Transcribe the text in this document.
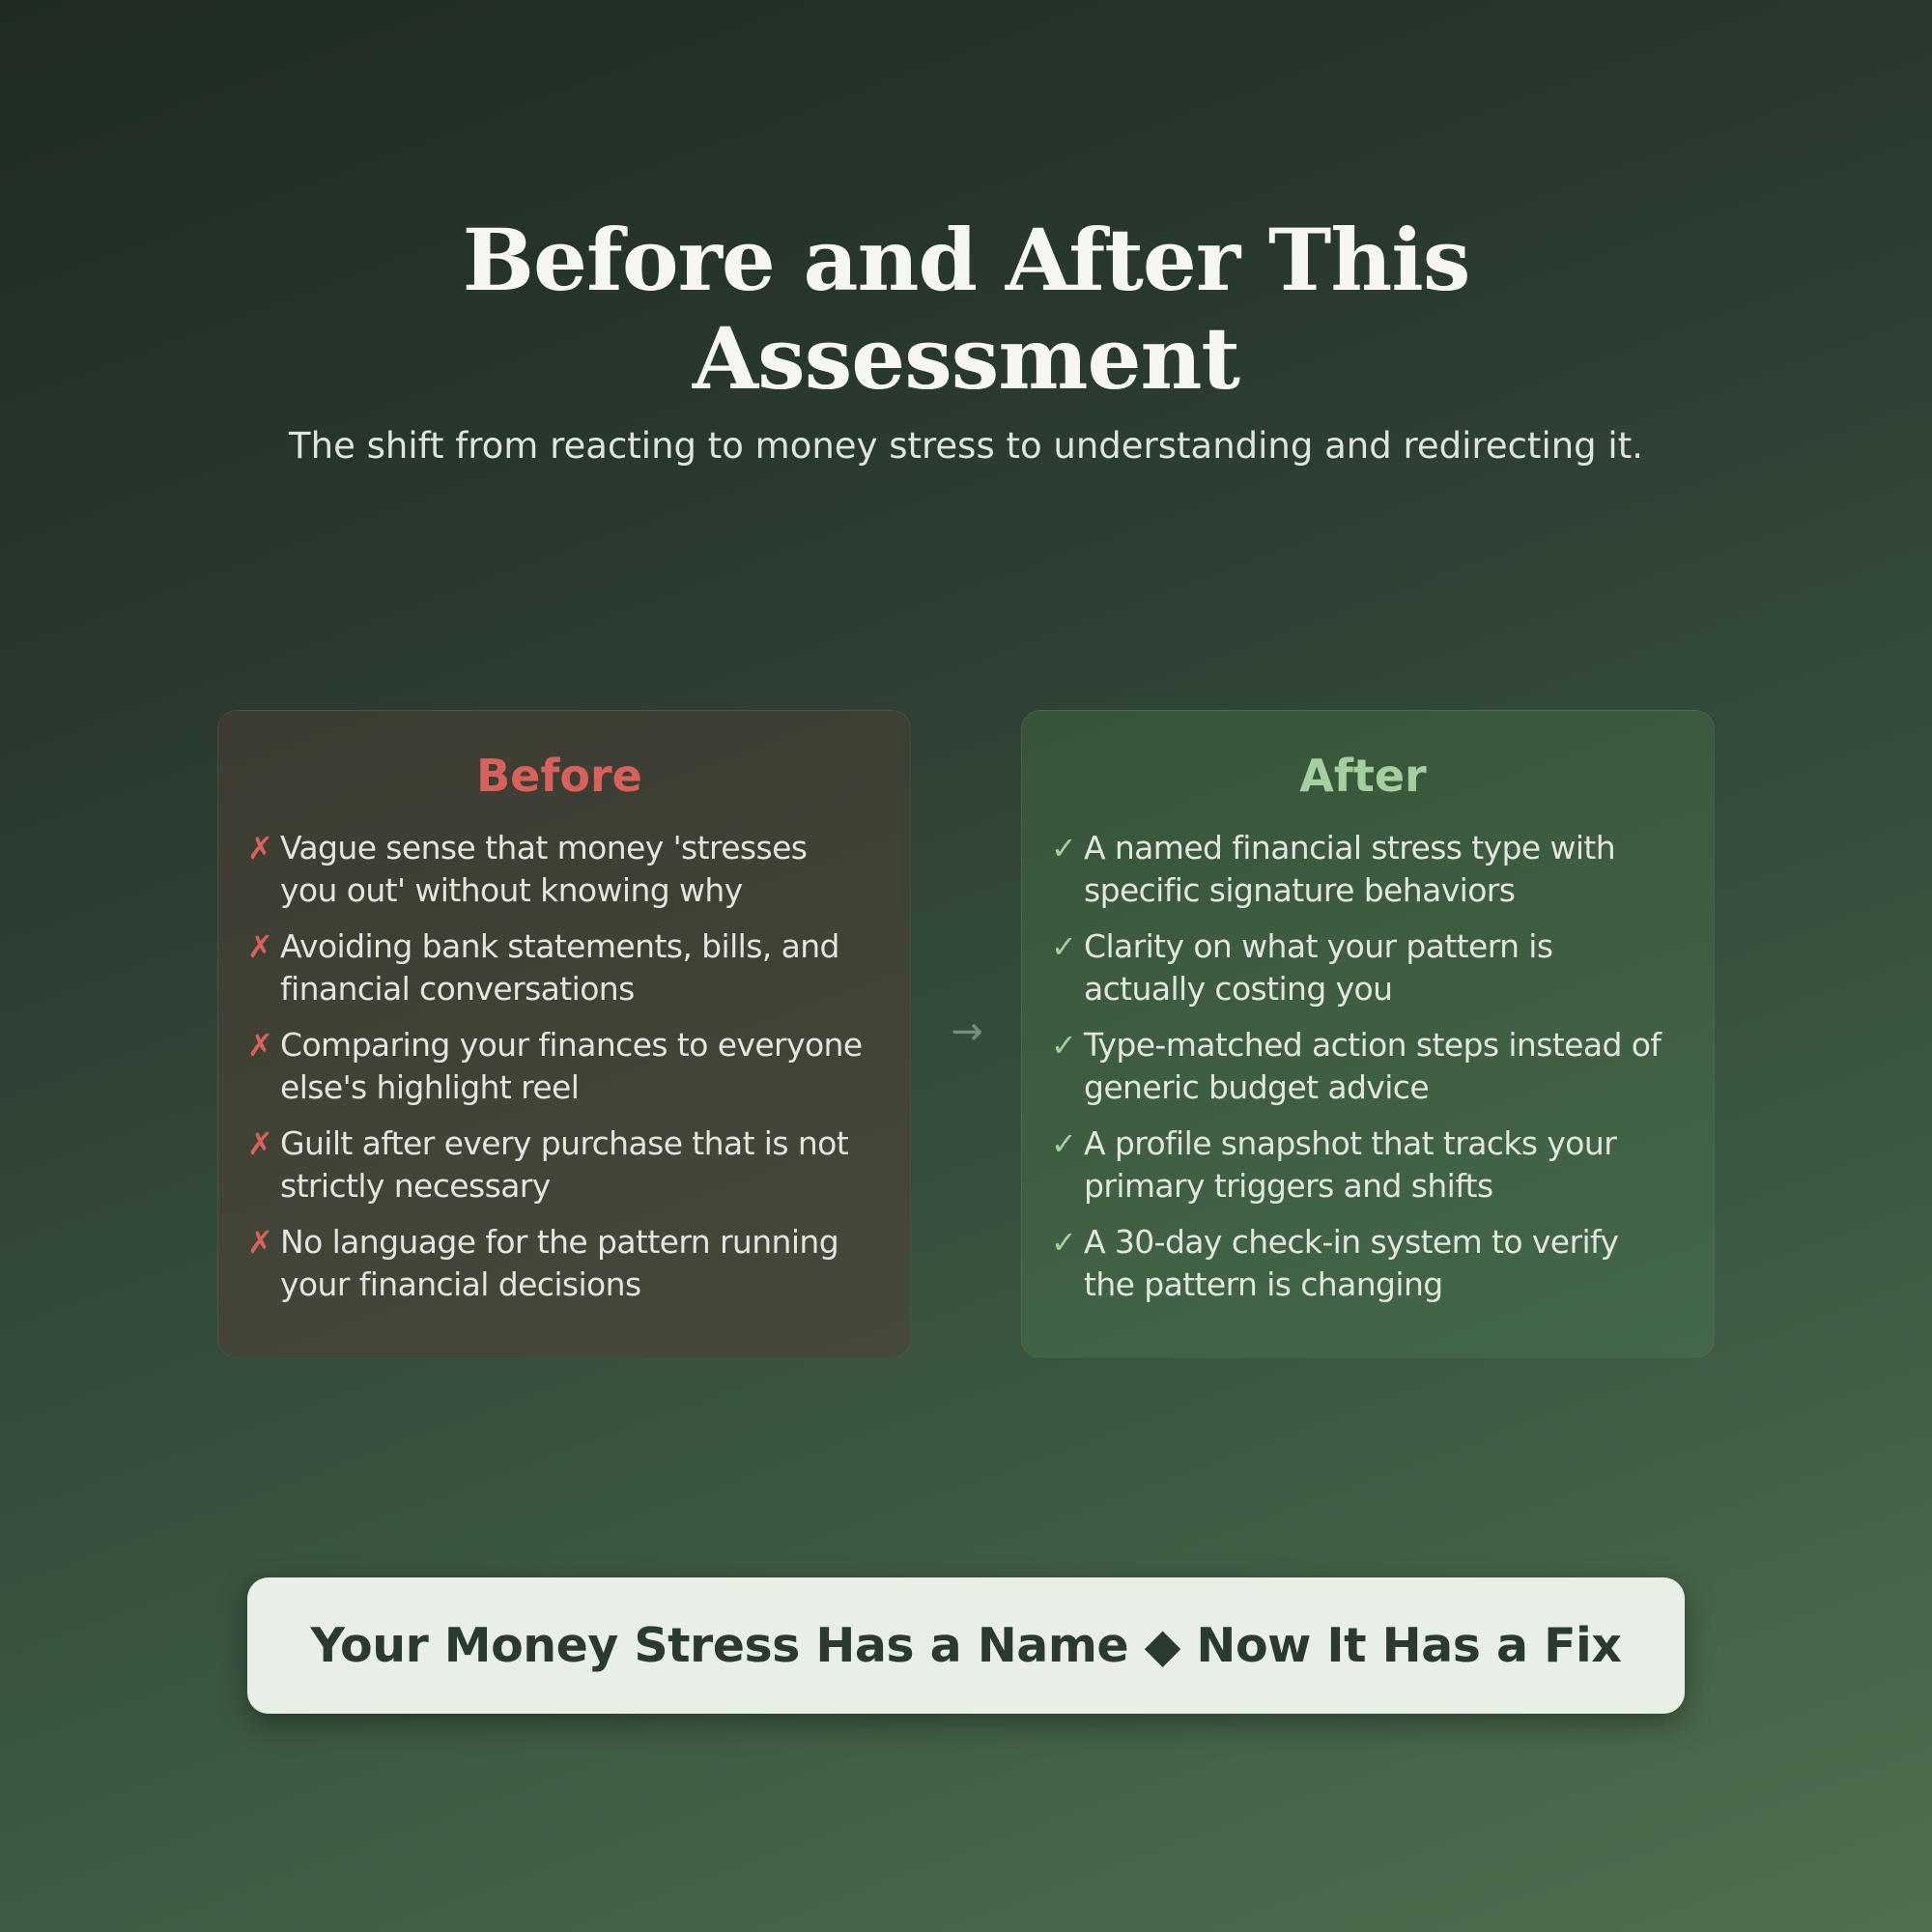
Before and After This Assessment

The shift from reacting to money stress to understanding and redirecting it.

Before
✗ Vague sense that money 'stresses you out' without knowing why
✗ Avoiding bank statements, bills, and financial conversations
✗ Comparing your finances to everyone else's highlight reel
✗ Guilt after every purchase that is not strictly necessary
✗ No language for the pattern running your financial decisions
→
After
✓ A named financial stress type with specific signature behaviors
✓ Clarity on what your pattern is actually costing you
✓ Type-matched action steps instead of generic budget advice
✓ A profile snapshot that tracks your primary triggers and shifts
✓ A 30-day check-in system to verify the pattern is changing
Your Money Stress Has a Name ◆ Now It Has a Fix
